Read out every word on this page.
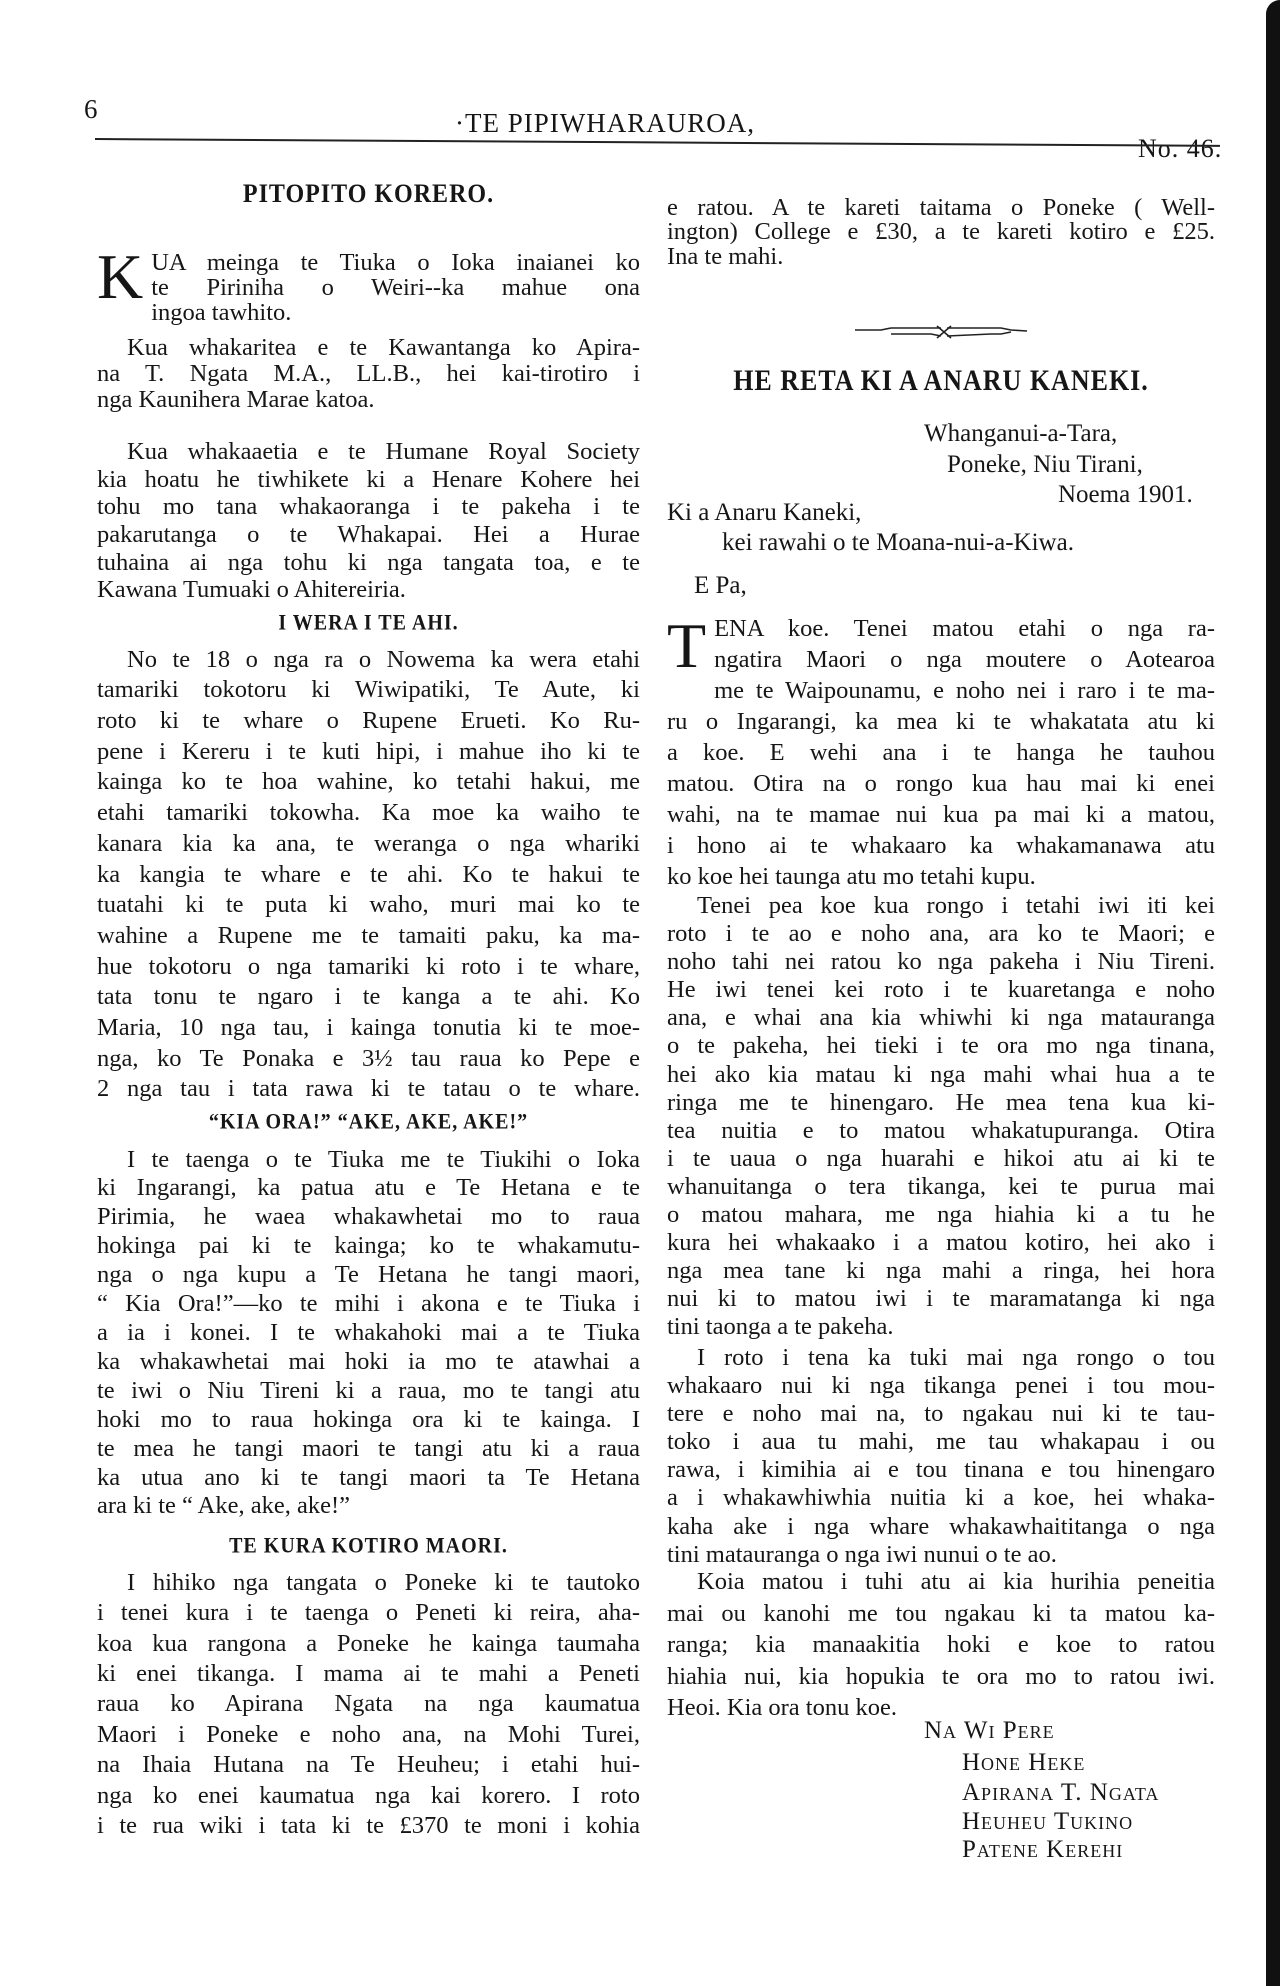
6	·TE PIPIWHARAUROA,
No. 46.
PITOPITO KORERO.
K UA meinga te Tiuka o Ioka inaianei ko
te Piriniha o Weiri--ka mahue ona
ingoa tawhito.
Kua whakaritea e te Kawantanga ko Apira-
na T. Ngata M.A., LL.B., hei kai-tirotiro i
nga Kaunihera Marae katoa.
Kua whakaaetia e te Humane Royal Society
kia hoatu he tiwhikete ki a Henare Kohere hei
tohu mo tana whakaoranga i te pakeha i te
pakarutanga o te Whakapai. Hei a Hurae
tuhaina ai nga tohu ki nga tangata toa, e te
Kawana Tumuaki o Ahitereiria.
I WERA I TE AHI.
No te 18 o nga ra o Nowema ka wera etahi
tamariki tokotoru ki Wiwipatiki, Te Aute, ki
roto ki te whare o Rupene Erueti. Ko Ru-
pene i Kereru i te kuti hipi, i mahue iho ki te
kainga ko te hoa wahine, ko tetahi hakui, me
etahi tamariki tokowha. Ka moe ka waiho te
kanara kia ka ana, te weranga o nga whariki
ka kangia te whare e te ahi. Ko te hakui te
tuatahi ki te puta ki waho, muri mai ko te
wahine a Rupene me te tamaiti paku, ka ma-
hue tokotoru o nga tamariki ki roto i te whare,
tata tonu te ngaro i te kanga a te ahi. Ko
Maria, 10 nga tau, i kainga tonutia ki te moe-
nga, ko Te Ponaka e 3½ tau raua ko Pepe e
2 nga tau i tata rawa ki te tatau o te whare.
“KIA ORA!” “AKE, AKE, AKE!”
I te taenga o te Tiuka me te Tiukihi o Ioka
ki Ingarangi, ka patua atu e Te Hetana e te
Pirimia, he waea whakawhetai mo to raua
hokinga pai ki te kainga; ko te whakamutu-
nga o nga kupu a Te Hetana he tangi maori,
“ Kia Ora!”—ko te mihi i akona e te Tiuka i
a ia i konei. I te whakahoki mai a te Tiuka
ka whakawhetai mai hoki ia mo te atawhai a
te iwi o Niu Tireni ki a raua, mo te tangi atu
hoki mo to raua hokinga ora ki te kainga. I
te mea he tangi maori te tangi atu ki a raua
ka utua ano ki te tangi maori ta Te Hetana
ara ki te “ Ake, ake, ake!”
TE KURA KOTIRO MAORI.
I hihiko nga tangata o Poneke ki te tautoko
i tenei kura i te taenga o Peneti ki reira, aha-
koa kua rangona a Poneke he kainga taumaha
ki enei tikanga. I mama ai te mahi a Peneti
raua ko Apirana Ngata na nga kaumatua
Maori i Poneke e noho ana, na Mohi Turei,
na Ihaia Hutana na Te Heuheu; i etahi hui-
nga ko enei kaumatua nga kai korero. I roto
i te rua wiki i tata ki te £370 te moni i kohia
e ratou. A te kareti taitama o Poneke ( Well-
ington) College e £30, a te kareti kotiro e £25.
Ina te mahi.
HE RETA KI A ANARU KANEKI.
Whanganui-a-Tara,
Poneke, Niu Tirani,
Noema 1901.
Ki a Anaru Kaneki,
kei rawahi o te Moana-nui-a-Kiwa.
E Pa,
T ENA koe. Tenei matou etahi o nga ra-
ngatira Maori o nga moutere o Aotearoa
me te Waipounamu, e noho nei i raro i te ma-
ru o Ingarangi, ka mea ki te whakatata atu ki
a koe. E wehi ana i te hanga he tauhou
matou. Otira na o rongo kua hau mai ki enei
wahi, na te mamae nui kua pa mai ki a matou,
i hono ai te whakaaro ka whakamanawa atu
ko koe hei taunga atu mo tetahi kupu.
Tenei pea koe kua rongo i tetahi iwi iti kei
roto i te ao e noho ana, ara ko te Maori; e
noho tahi nei ratou ko nga pakeha i Niu Tireni.
He iwi tenei kei roto i te kuaretanga e noho
ana, e whai ana kia whiwhi ki nga matauranga
o te pakeha, hei tieki i te ora mo nga tinana,
hei ako kia matau ki nga mahi whai hua a te
ringa me te hinengaro. He mea tena kua ki-
tea nuitia e to matou whakatupuranga. Otira
i te uaua o nga huarahi e hikoi atu ai ki te
whanuitanga o tera tikanga, kei te purua mai
o matou mahara, me nga hiahia ki a tu he
kura hei whakaako i a matou kotiro, hei ako i
nga mea tane ki nga mahi a ringa, hei hora
nui ki to matou iwi i te maramatanga ki nga
tini taonga a te pakeha.
I roto i tena ka tuki mai nga rongo o tou
whakaaro nui ki nga tikanga penei i tou mou-
tere e noho mai na, to ngakau nui ki te tau-
toko i aua tu mahi, me tau whakapau i ou
rawa, i kimihia ai e tou tinana e tou hinengaro
a i whakawhiwhia nuitia ki a koe, hei whaka-
kaha ake i nga whare whakawhaititanga o nga
tini matauranga o nga iwi nunui o te ao.
Koia matou i tuhi atu ai kia hurihia peneitia
mai ou kanohi me tou ngakau ki ta matou ka-
ranga; kia manaakitia hoki e koe to ratou
hiahia nui, kia hopukia te ora mo to ratou iwi.
Heoi. Kia ora tonu koe.
Na Wi Pere
Hone Heke
Apirana T. Ngata
Heuheu Tukino
Patene Kerehi
